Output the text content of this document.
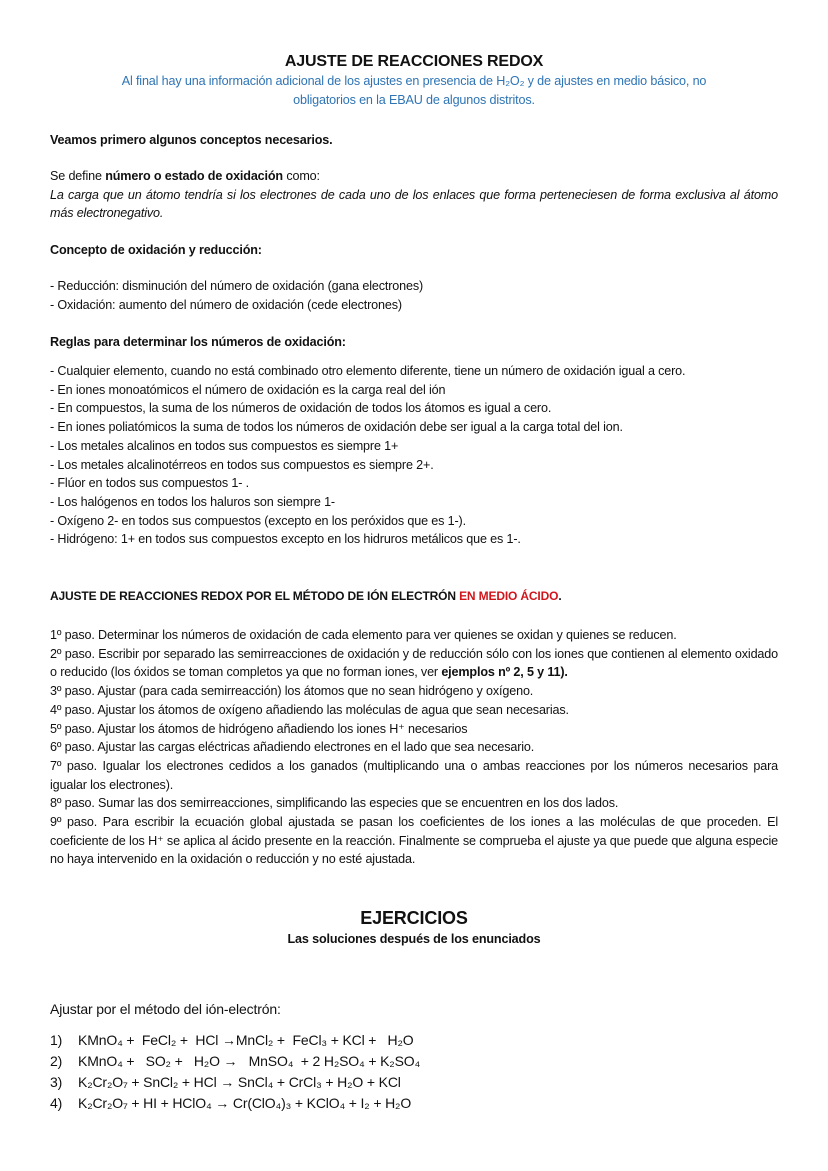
AJUSTE DE REACCIONES REDOX

Al final hay una información adicional de los ajustes en presencia de H₂O₂ y de ajustes en medio básico, no obligatorios en la EBAU de algunos distritos.

Veamos primero algunos conceptos necesarios.

Se define número o estado de oxidación como:

La carga que un átomo tendría si los electrones de cada uno de los enlaces que forma perteneciesen de forma exclusiva al átomo más electronegativo.

Concepto de oxidación y reducción:

- Reducción: disminución del número de oxidación (gana electrones)

- Oxidación: aumento del número de oxidación (cede electrones)

Reglas para determinar los números de oxidación:

- Cualquier elemento, cuando no está combinado otro elemento diferente, tiene un número de oxidación igual a cero.

- En iones monoatómicos el número de oxidación es la carga real del ión

- En compuestos, la suma de los números de oxidación de todos los átomos es igual a cero.

- En iones poliatómicos la suma de todos los números de oxidación debe ser igual a la carga total del ion.

- Los metales alcalinos en todos sus compuestos es siempre 1+

- Los metales alcalinotérreos en todos sus compuestos es siempre 2+.

- Flúor en todos sus compuestos 1- .

- Los halógenos en todos los haluros son siempre 1-

- Oxígeno 2- en todos sus compuestos (excepto en los peróxidos que es 1-).

- Hidrógeno: 1+ en todos sus compuestos excepto en los hidruros metálicos que es 1-.

AJUSTE DE REACCIONES REDOX POR EL MÉTODO DE IÓN ELECTRÓN EN MEDIO ÁCIDO.

1º paso. Determinar los números de oxidación de cada elemento para ver quienes se oxidan y quienes se reducen.

2º paso. Escribir por separado las semirreacciones de oxidación y de reducción sólo con los iones que contienen al elemento oxidado o reducido (los óxidos se toman completos ya que no forman iones, ver ejemplos nº 2, 5 y 11).

3º paso. Ajustar (para cada semirreacción) los átomos que no sean hidrógeno y oxígeno.

4º paso. Ajustar los átomos de oxígeno añadiendo las moléculas de agua que sean necesarias.

5º paso. Ajustar los átomos de hidrógeno añadiendo los iones H⁺ necesarios

6º paso. Ajustar las cargas eléctricas añadiendo electrones en el lado que sea necesario.

7º paso. Igualar los electrones cedidos a los ganados (multiplicando una o ambas reacciones por los números necesarios para igualar los electrones).

8º paso. Sumar las dos semirreacciones, simplificando las especies que se encuentren en los dos lados.

9º paso. Para escribir la ecuación global ajustada se pasan los coeficientes de los iones a las moléculas de que proceden. El coeficiente de los H⁺ se aplica al ácido presente en la reacción. Finalmente se comprueba el ajuste ya que puede que alguna especie no haya intervenido en la oxidación o reducción y no esté ajustada.

EJERCICIOS

Las soluciones después de los enunciados

Ajustar por el método del ión-electrón:

1) KMnO₄ +  FeCl₂ +  HCl →MnCl₂ +  FeCl₃ + KCl +   H₂O

2) KMnO₄ +   SO₂ +   H₂O →   MnSO₄  + 2 H₂SO₄ + K₂SO₄

3) K₂Cr₂O₇ + SnCl₂ + HCl → SnCl₄ + CrCl₃ + H₂O + KCl

4) K₂Cr₂O₇ + HI + HClO₄ → Cr(ClO₄)₃ + KClO₄ + I₂ + H₂O
